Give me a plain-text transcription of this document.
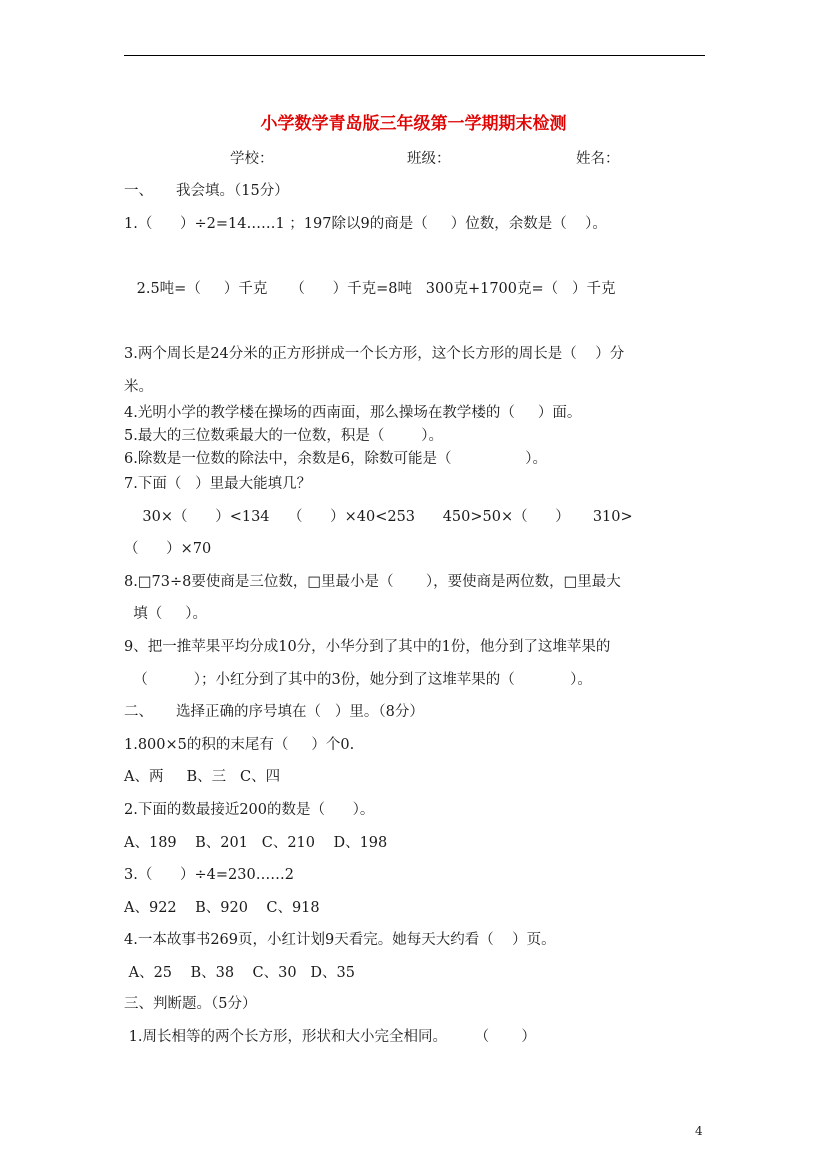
小学数学青岛版三年级第一学期期末检测
学校：	班级：	姓名：
一、     我会填。（15分）
1.（      ）÷2=14……1 ；197除以9的商是（     ）位数，余数是（    ）。
2.5吨=（     ）千克     （      ）千克=8吨   300克+1700克=（   ）千克
3.两个周长是24分米的正方形拼成一个长方形，这个长方形的周长是（    ）分
米。
4.光明小学的教学楼在操场的西南面，那么操场在教学楼的（     ）面。
5.最大的三位数乘最大的一位数，积是（        ）。
6.除数是一位数的除法中，余数是6，除数可能是（                ）。
7.下面（   ）里最大能填几？
30×（      ）<134    （      ）×40<253      450>50×（      ）     310>
（      ）×70
8.□73÷8要使商是三位数，□里最小是（       ），要使商是两位数，□里最大
填（     ）。
9、把一推苹果平均分成10分，小华分到了其中的1份，他分到了这堆苹果的
（          ）；小红分到了其中的3份，她分到了这堆苹果的（            ）。
二、     选择正确的序号填在（   ）里。（8分）
1.800×5的积的末尾有（     ）个0.
A、两     B、三   C、四
2.下面的数最接近200的数是（      ）。
A、189    B、201   C、210    D、198
3.（      ）÷4=230……2
A、922    B、920    C、918
4.一本故事书269页，小红计划9天看完。她每天大约看（    ）页。
A、25    B、38    C、30   D、35
三、判断题。（5分）
1.周长相等的两个长方形，形状和大小完全相同。      （       ）
4
